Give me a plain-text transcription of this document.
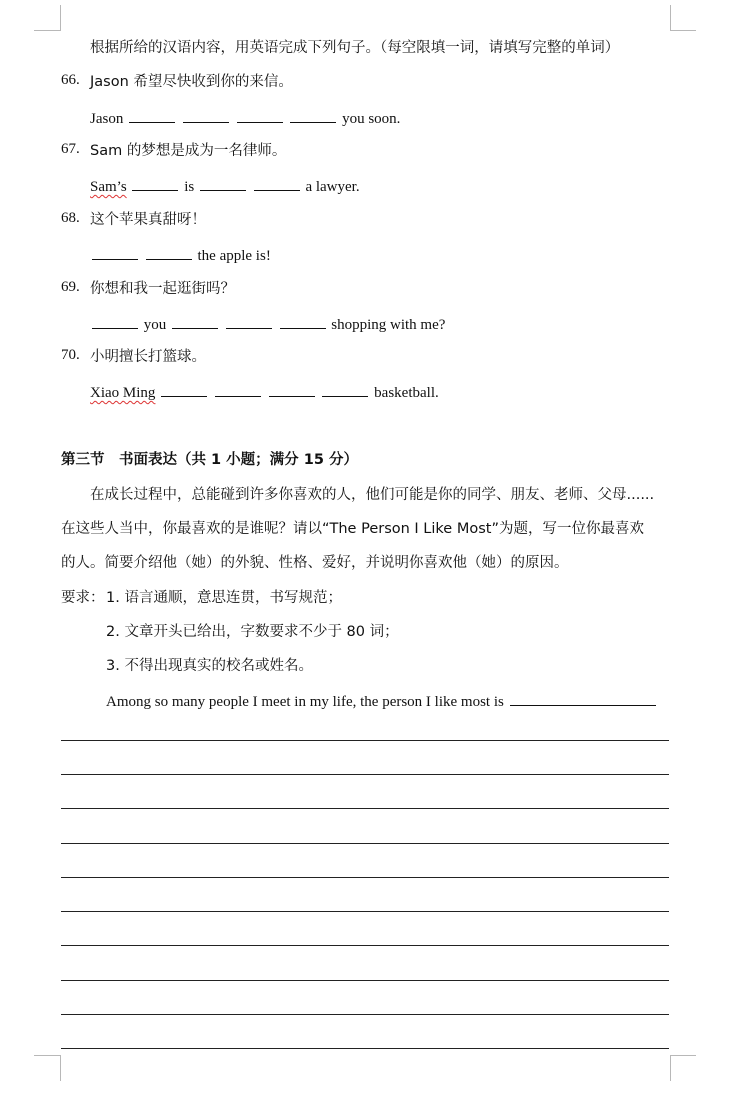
根据所给的汉语内容，用英语完成下列句子。（每空限填一词，请填写完整的单词）
66. Jason 希望尽快收到你的来信。
Jason	you soon.
67. Sam 的梦想是成为一名律师。
Sam’s	is	a lawyer.
68. 这个苹果真甜呀！
the apple is!
69. 你想和我一起逛街吗？
you	shopping with me?
70. 小明擅长打篮球。
Xiao Ming	basketball.
第三节　书面表达（共 1 小题；满分 15 分）
在成长过程中，总能碰到许多你喜欢的人，他们可能是你的同学、朋友、老师、父母......
在这些人当中，你最喜欢的是谁呢？请以“The Person I Like Most”为题，写一位你最喜欢
的人。简要介绍他（她）的外貌、性格、爱好，并说明你喜欢他（她）的原因。
要求： 1. 语言通顺，意思连贯，书写规范；
2. 文章开头已给出，字数要求不少于 80 词；
3. 不得出现真实的校名或姓名。
Among so many people I meet in my life, the person I like most is
